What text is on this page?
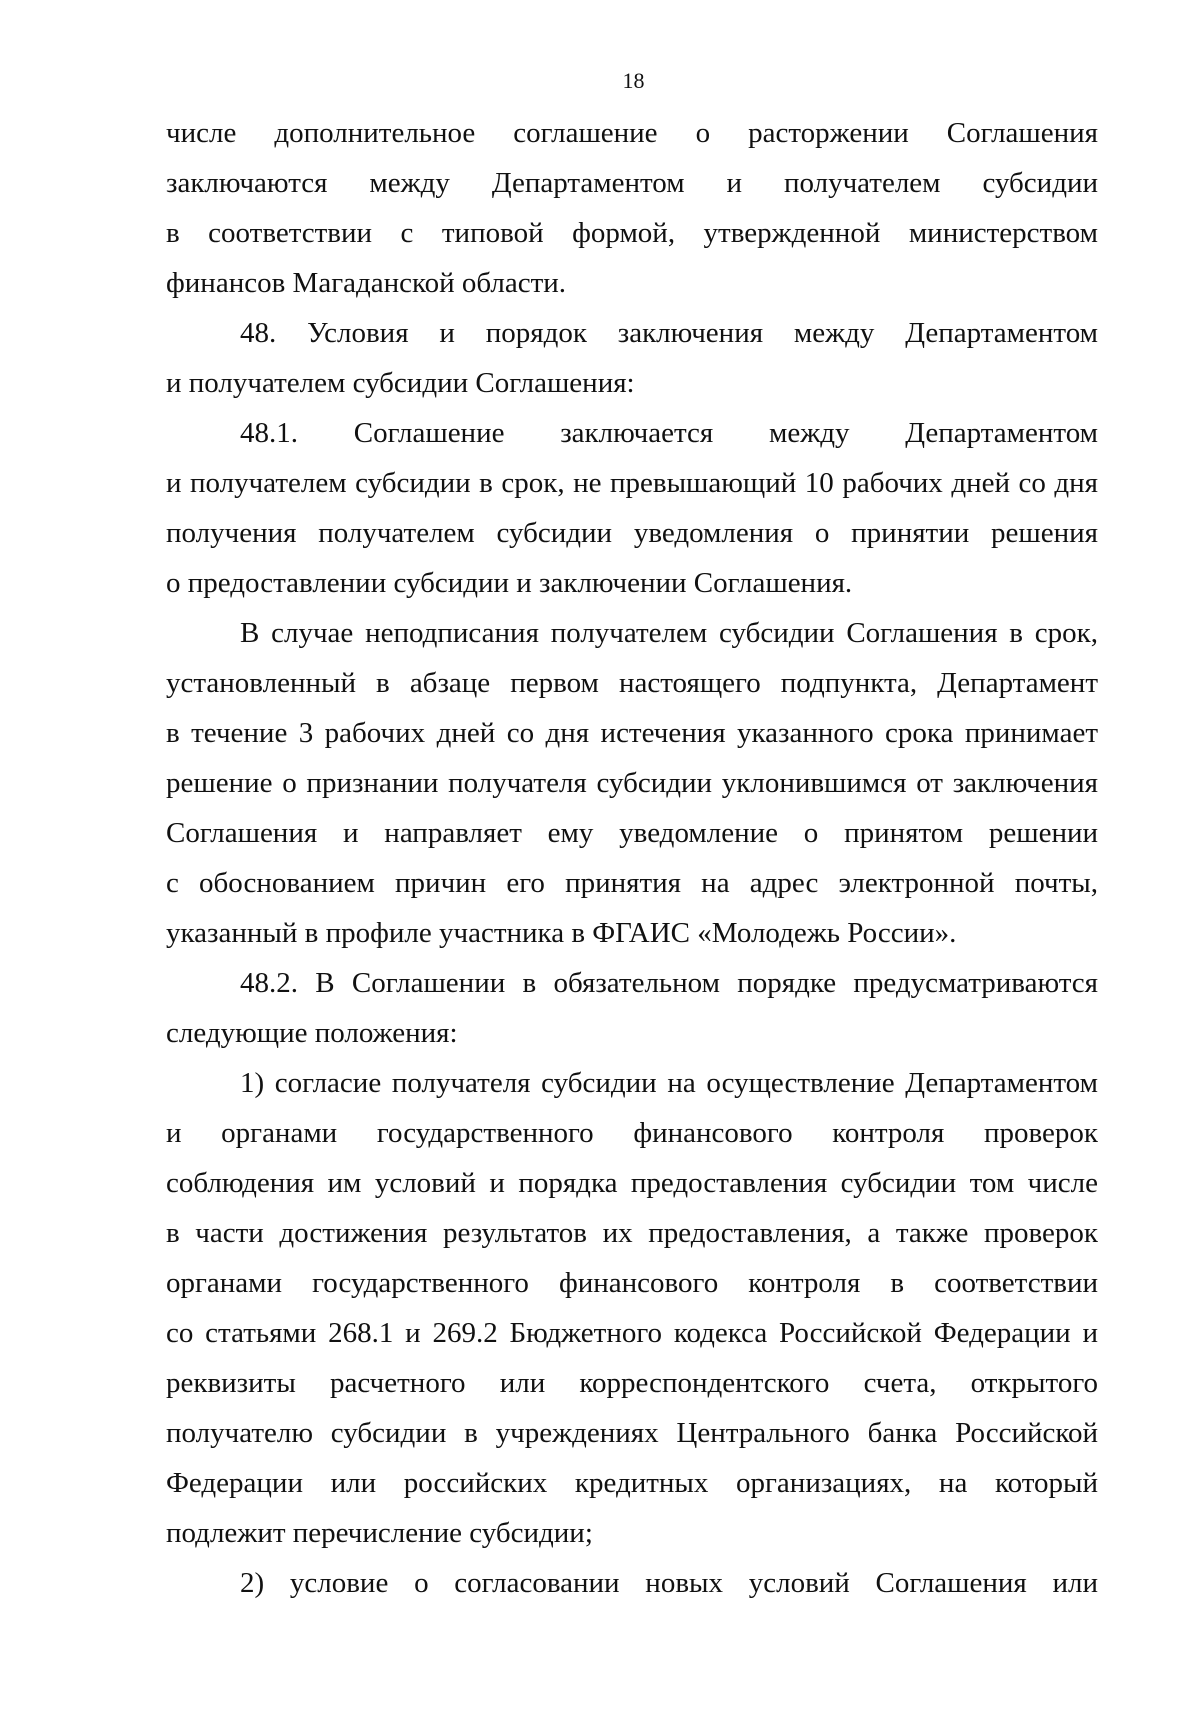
18

числе дополнительное соглашение о расторжении Соглашения

заключаются между Департаментом и получателем субсидии

в соответствии с типовой формой, утвержденной министерством

финансов Магаданской области.

48. Условия и порядок заключения между Департаментом

и получателем субсидии Соглашения:

48.1. Соглашение заключается между Департаментом

и получателем субсидии в срок, не превышающий 10 рабочих дней со дня

получения получателем субсидии уведомления о принятии решения

о предоставлении субсидии и заключении Соглашения.

В случае неподписания получателем субсидии Соглашения в срок,

установленный в абзаце первом настоящего подпункта, Департамент

в течение 3 рабочих дней со дня истечения указанного срока принимает

решение о признании получателя субсидии уклонившимся от заключения

Соглашения и направляет ему уведомление о принятом решении

с обоснованием причин его принятия на адрес электронной почты,

указанный в профиле участника в ФГАИС «Молодежь России».

48.2. В Соглашении в обязательном порядке предусматриваются

следующие положения:

1) согласие получателя субсидии на осуществление Департаментом

и органами государственного финансового контроля проверок

соблюдения им условий и порядка предоставления субсидии том числе

в части достижения результатов их предоставления, а также проверок

органами государственного финансового контроля в соответствии

со статьями 268.1 и 269.2 Бюджетного кодекса Российской Федерации и

реквизиты расчетного или корреспондентского счета, открытого

получателю субсидии в учреждениях Центрального банка Российской

Федерации или российских кредитных организациях, на который

подлежит перечисление субсидии;

2) условие о согласовании новых условий Соглашения или
